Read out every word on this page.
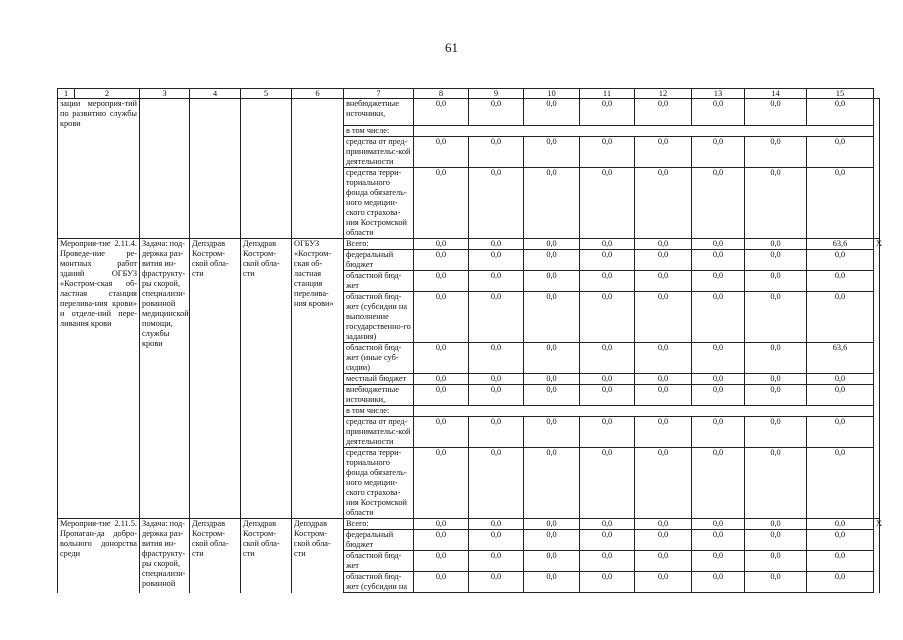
61
1	2	3	4	5	6	7	8	9	10	11	12	13	14	15	
зации мероприя-тий по развитию службы крови						внебюджетные источники,	0,0	0,0	0,0	0,0	0,0	0,0	0,0	0,0	
						в том числе:									
						средства от пред-принимательс-кой деятельности	0,0	0,0	0,0	0,0	0,0	0,0	0,0	0,0	
						средства терри-ториального фонда обязатель-ного медицин-ского страхова-ния Костромской области	0,0	0,0	0,0	0,0	0,0	0,0	0,0	0,0	
Мероприя-тие 2.11.4. Проведе-ние ре-монтных работ зданий ОГБУЗ «Костром-ская об-ластная станция перелива-ния крови» и отделе-ний пере-ливания крови		Задача: под-держка раз-вития ин-фраструкту-ры скорой, специализи-рованной медицинской помощи, службы крови	Депздрав Костром-ской обла-сти	Депздрав Костром-ской обла-сти	ОГБУЗ «Костром-ская об-ластная станция перелива-ния крови»	Всего:	0,0	0,0	0,0	0,0	0,0	0,0	0,0	63,6	X
						федеральный бюджет	0,0	0,0	0,0	0,0	0,0	0,0	0,0	0,0	
						областной бюд-жет	0,0	0,0	0,0	0,0	0,0	0,0	0,0	0,0	
						областной бюд-жет (субсидии на выполнение государственно-го задания)	0,0	0,0	0,0	0,0	0,0	0,0	0,0	0,0	
						областной бюд-жет (иные суб-сидии)	0,0	0,0	0,0	0,0	0,0	0,0	0,0	63,6	
						местный бюджет	0,0	0,0	0,0	0,0	0,0	0,0	0,0	0,0	
						внебюджетные источники,	0,0	0,0	0,0	0,0	0,0	0,0	0,0	0,0	
						в том числе:									
						средства от пред-принимательс-кой деятельности	0,0	0,0	0,0	0,0	0,0	0,0	0,0	0,0	
						средства терри-ториального фонда обязатель-ного медицин-ского страхова-ния Костромской области	0,0	0,0	0,0	0,0	0,0	0,0	0,0	0,0	
Мероприя-тие 2.11.5. Пропаган-да добро-вольного донорства среди		Задача: под-держка раз-вития ин-фраструкту-ры скорой, специализи-рованной	Депздрав Костром-ской обла-сти	Депздрав Костром-ской обла-сти	Депздрав Костром-ской обла-сти	Всего:	0,0	0,0	0,0	0,0	0,0	0,0	0,0	0,0	X
						федеральный бюджет	0,0	0,0	0,0	0,0	0,0	0,0	0,0	0,0	
						областной бюд-жет	0,0	0,0	0,0	0,0	0,0	0,0	0,0	0,0	
						областной бюд-жет (субсидии на	0,0	0,0	0,0	0,0	0,0	0,0	0,0	0,0	
